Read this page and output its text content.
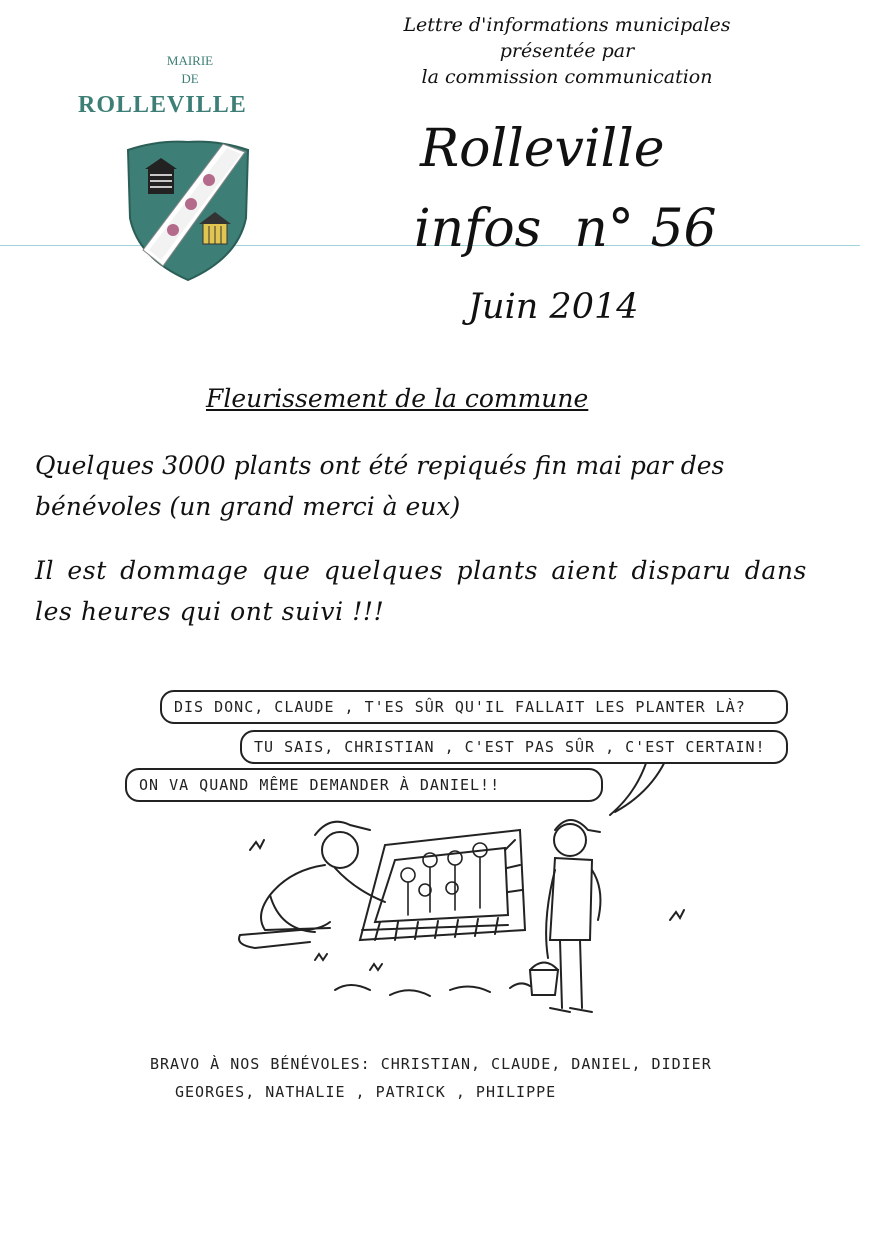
MAIRIE
DE
ROLLEVILLE
Lettre d'informations municipales
présentée par
la commission communication
Rolleville
infos  n° 56
Juin 2014
Fleurissement de la commune
Quelques 3000 plants ont été repiqués fin mai par des bénévoles (un grand merci à eux)
Il est dommage que quelques plants aient disparu dans les heures qui ont suivi !!!
DIS DONC, CLAUDE , T'ES SÛR QU'IL FALLAIT LES PLANTER LÀ?
TU SAIS, CHRISTIAN , C'EST PAS SÛR , C'EST CERTAIN!
ON VA QUAND MÊME DEMANDER À DANIEL!!
BRAVO À NOS BÉNÉVOLES: CHRISTIAN, CLAUDE, DANIEL, DIDIER
GEORGES, NATHALIE , PATRICK , PHILIPPE
